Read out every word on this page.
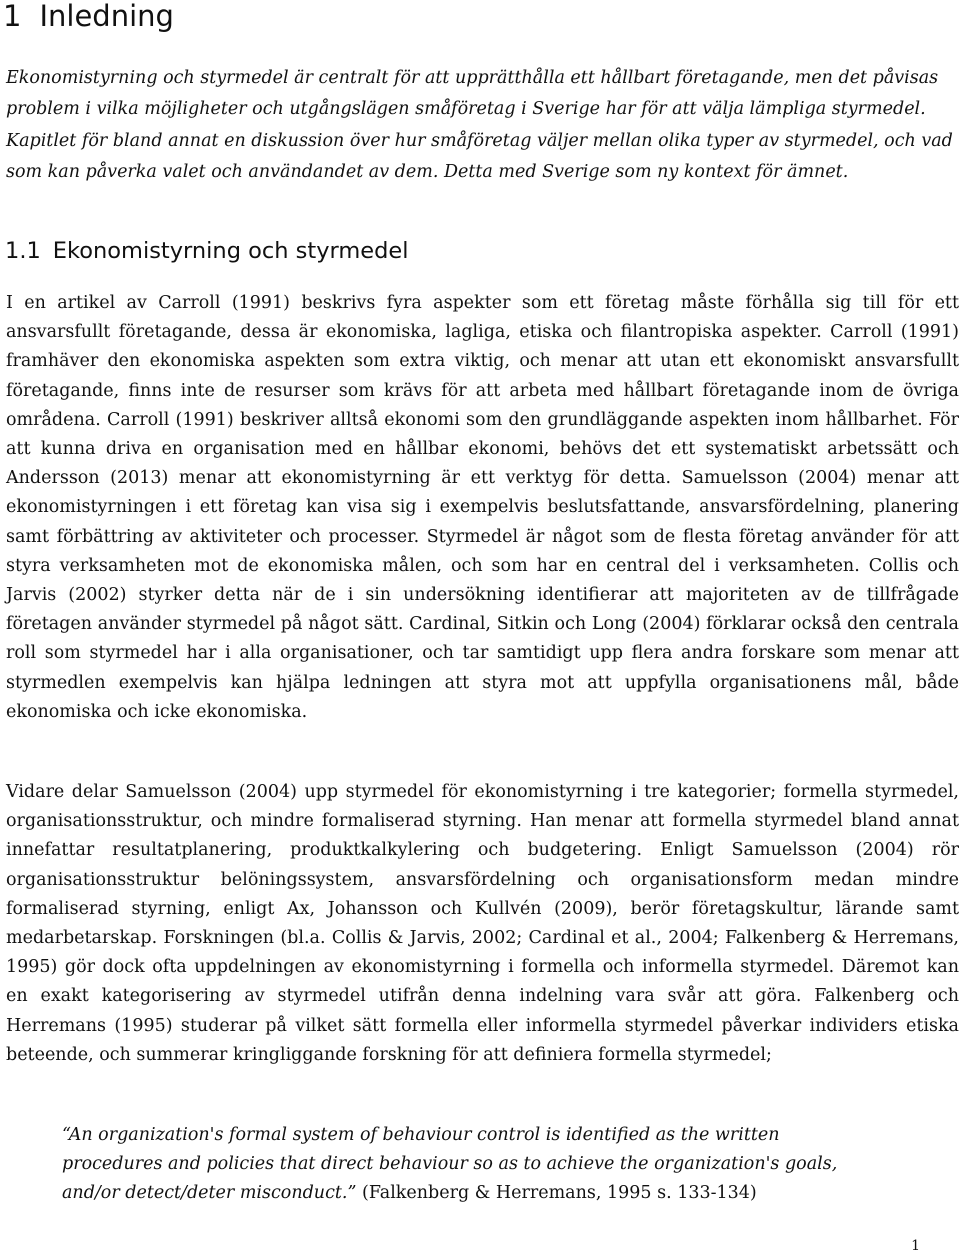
1 Inledning

Ekonomistyrning och styrmedel är centralt för att upprätthålla ett hållbart företagande, men det påvisas problem i vilka möjligheter och utgångslägen småföretag i Sverige har för att välja lämpliga styrmedel. Kapitlet för bland annat en diskussion över hur småföretag väljer mellan olika typer av styrmedel, och vad som kan påverka valet och användandet av dem. Detta med Sverige som ny kontext för ämnet.

1.1 Ekonomistyrning och styrmedel

I en artikel av Carroll (1991) beskrivs fyra aspekter som ett företag måste förhålla sig till för ett ansvarsfullt företagande, dessa är ekonomiska, lagliga, etiska och filantropiska aspekter. Carroll (1991) framhäver den ekonomiska aspekten som extra viktig, och menar att utan ett ekonomiskt ansvarsfullt företagande, finns inte de resurser som krävs för att arbeta med hållbart företagande inom de övriga områdena. Carroll (1991) beskriver alltså ekonomi som den grundläggande aspekten inom hållbarhet. För att kunna driva en organisation med en hållbar ekonomi, behövs det ett systematiskt arbetssätt och Andersson (2013) menar att ekonomistyrning är ett verktyg för detta. Samuelsson (2004) menar att ekonomistyrningen i ett företag kan visa sig i exempelvis beslutsfattande, ansvarsfördelning, planering samt förbättring av aktiviteter och processer. Styrmedel är något som de flesta företag använder för att styra verksamheten mot de ekonomiska målen, och som har en central del i verksamheten. Collis och Jarvis (2002) styrker detta när de i sin undersökning identifierar att majoriteten av de tillfrågade företagen använder styrmedel på något sätt. Cardinal, Sitkin och Long (2004) förklarar också den centrala roll som styrmedel har i alla organisationer, och tar samtidigt upp flera andra forskare som menar att styrmedlen exempelvis kan hjälpa ledningen att styra mot att uppfylla organisationens mål, både ekonomiska och icke ekonomiska.

Vidare delar Samuelsson (2004) upp styrmedel för ekonomistyrning i tre kategorier; formella styrmedel, organisationsstruktur, och mindre formaliserad styrning. Han menar att formella styrmedel bland annat innefattar resultatplanering, produktkalkylering och budgetering. Enligt Samuelsson (2004) rör organisationsstruktur belöningssystem, ansvarsfördelning och organisationsform medan mindre formaliserad styrning, enligt Ax, Johansson och Kullvén (2009), berör företagskultur, lärande samt medarbetarskap. Forskningen (bl.a. Collis & Jarvis, 2002; Cardinal et al., 2004; Falkenberg & Herremans, 1995) gör dock ofta uppdelningen av ekonomistyrning i formella och informella styrmedel. Däremot kan en exakt kategorisering av styrmedel utifrån denna indelning vara svår att göra. Falkenberg och Herremans (1995) studerar på vilket sätt formella eller informella styrmedel påverkar individers etiska beteende, och summerar kringliggande forskning för att definiera formella styrmedel;

“An organization's formal system of behaviour control is identified as the written procedures and policies that direct behaviour so as to achieve the organization's goals, and/or detect/deter misconduct.” (Falkenberg & Herremans, 1995 s. 133-134)

1
